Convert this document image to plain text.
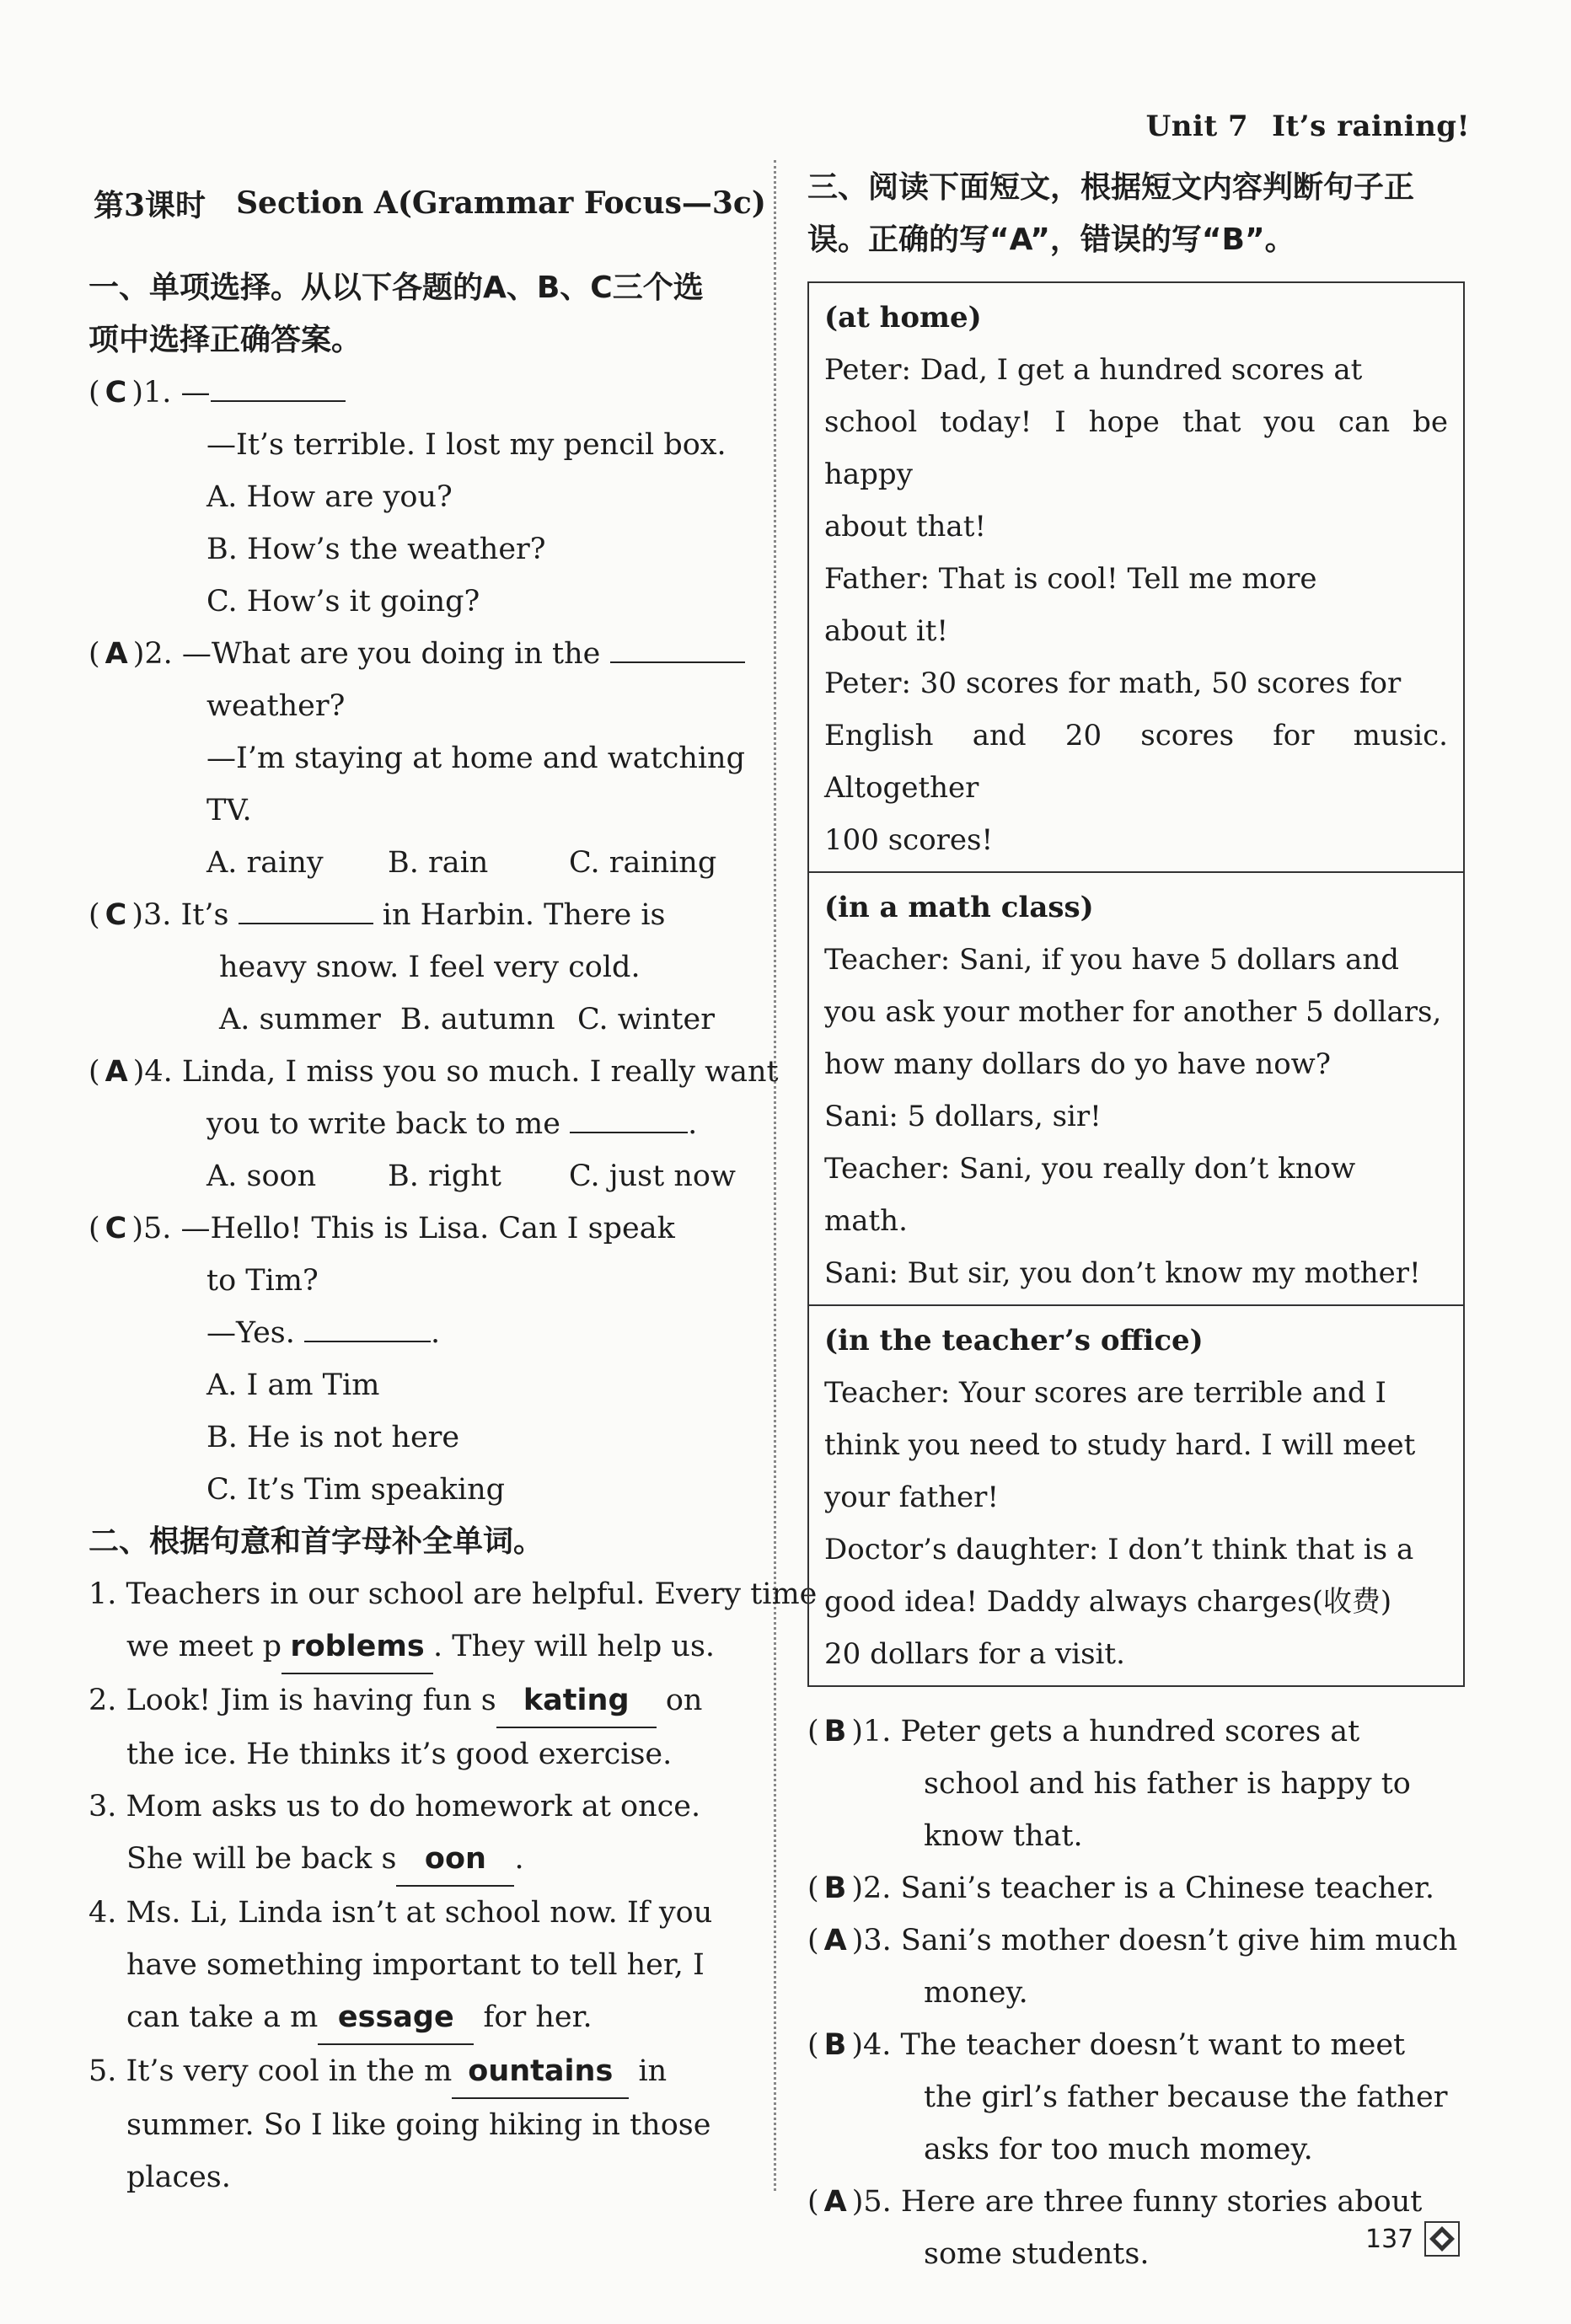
Unit 7 It’s raining!
第3课时 Section A(Grammar Focus—3c)
一、单项选择。从以下各题的A、B、C三个选
项中选择正确答案。
( C )1. —
—It’s terrible. I lost my pencil box.
A. How are you?
B. How’s the weather?
C. How’s it going?
( A )2. —What are you doing in the
weather?
—I’m staying at home and watching
TV.
A. rainy	B. rain	C. raining
( C )3. It’s	in Harbin. There is
heavy snow. I feel very cold.
A. summer B. autumn C. winter
( A )4. Linda, I miss you so much. I really want
you to write back to me	.
A. soon	B. right	C. just now
( C )5. —Hello! This is Lisa. Can I speak
to Tim?
—Yes.	.
A. I am Tim
B. He is not here
C. It’s Tim speaking
二、根据句意和首字母补全单词。
1. Teachers in our school are helpful. Every time
we meet p roblems . They will help us.
2. Look! Jim is having fun s kating on
the ice. He thinks it’s good exercise.
3. Mom asks us to do homework at once.
She will be back s oon .
4. Ms. Li, Linda isn’t at school now. If you
have something important to tell her, I
can take a m essage for her.
5. It’s very cool in the m ountains in
summer. So I like going hiking in those
places.
三、阅读下面短文，根据短文内容判断句子正
误。正确的写“A”，错误的写“B”。
(at home)
Peter: Dad, I get a hundred scores at
school today! I hope that you can be happy
about that!
Father: That is cool! Tell me more
about it!
Peter: 30 scores for math, 50 scores for
English and 20 scores for music. Altogether
100 scores!
(in a math class)
Teacher: Sani, if you have 5 dollars and
you ask your mother for another 5 dollars,
how many dollars do yo have now?
Sani: 5 dollars, sir!
Teacher: Sani, you really don’t know
math.
Sani: But sir, you don’t know my mother!
(in the teacher’s office)
Teacher: Your scores are terrible and I
think you need to study hard. I will meet
your father!
Doctor’s daughter: I don’t think that is a
good idea! Daddy always charges(收费)
20 dollars for a visit.
( B )1. Peter gets a hundred scores at
school and his father is happy to
know that.
( B )2. Sani’s teacher is a Chinese teacher.
( A )3. Sani’s mother doesn’t give him much
money.
( B )4. The teacher doesn’t want to meet
the girl’s father because the father
asks for too much momey.
( A )5. Here are three funny stories about
some students.	137
